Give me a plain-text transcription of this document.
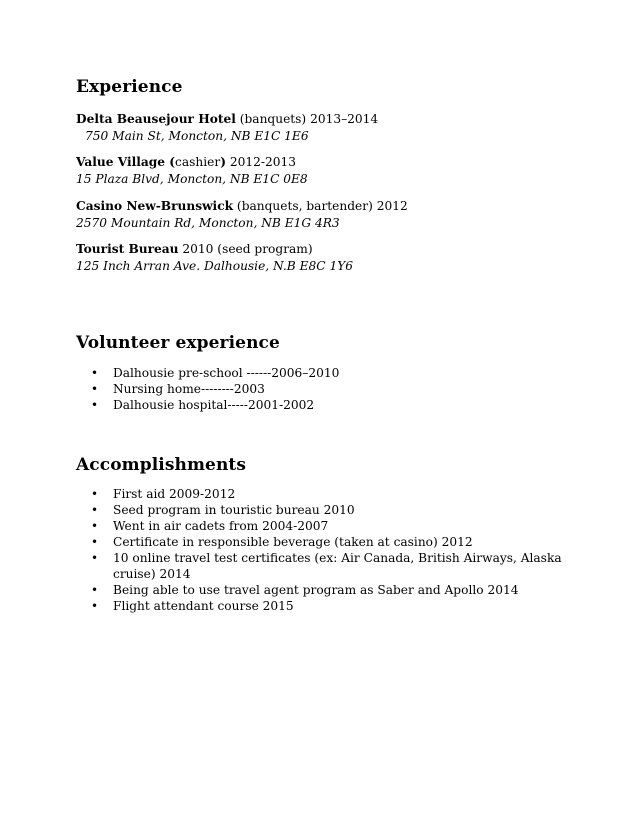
Experience
Delta Beausejour Hotel (banquets) 2013–2014
750 Main St, Moncton, NB E1C 1E6
Value Village (cashier) 2012-2013
15 Plaza Blvd, Moncton, NB E1C 0E8
Casino New-Brunswick (banquets, bartender) 2012
2570 Mountain Rd, Moncton, NB E1G 4R3
Tourist Bureau 2010 (seed program)
125 Inch Arran Ave. Dalhousie, N.B E8C 1Y6
Volunteer experience
• Dalhousie pre-school ------2006–2010
• Nursing home--------2003
• Dalhousie hospital-----2001-2002
Accomplishments
• First aid 2009-2012
• Seed program in touristic bureau 2010
• Went in air cadets from 2004-2007
• Certificate in responsible beverage (taken at casino) 2012
• 10 online travel test certificates (ex: Air Canada, British Airways, Alaska cruise) 2014
• Being able to use travel agent program as Saber and Apollo 2014
• Flight attendant course 2015
